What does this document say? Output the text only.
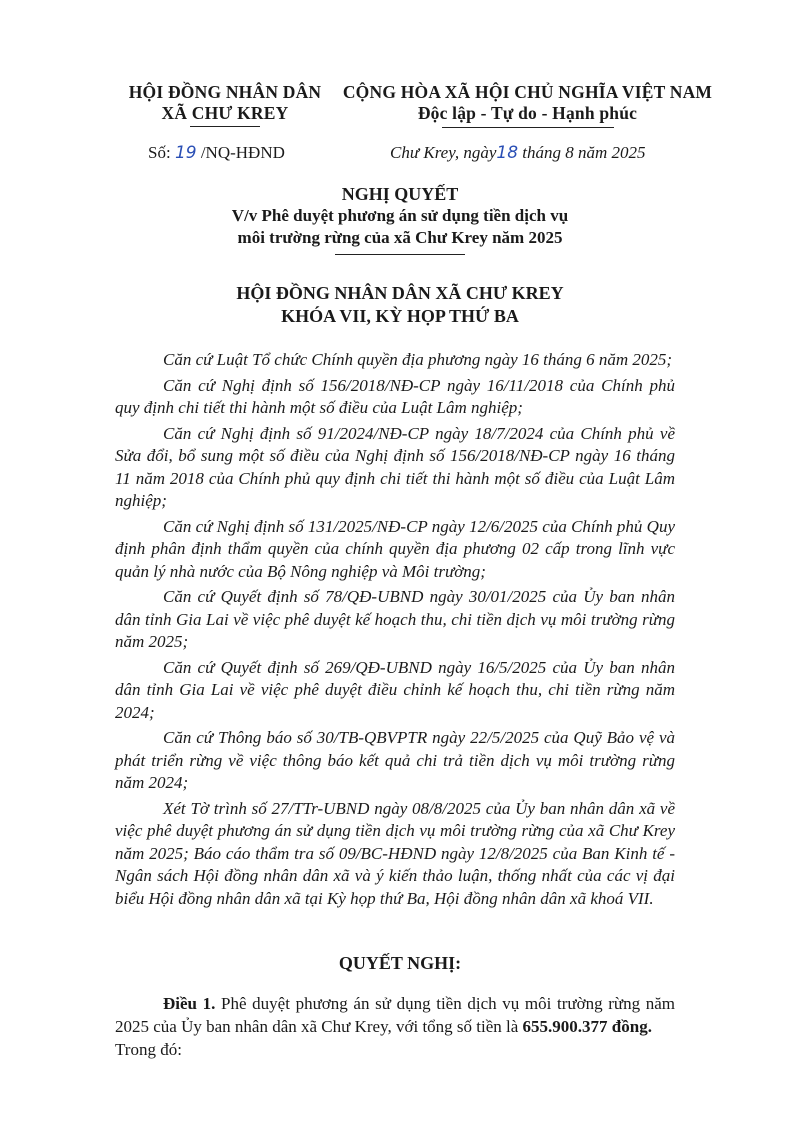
HỘI ĐỒNG NHÂN DÂN
XÃ CHƯ KREY
CỘNG HÒA XÃ HỘI CHỦ NGHĨA VIỆT NAM
Độc lập - Tự do - Hạnh phúc
Số: 19 /NQ-HĐND	Chư Krey, ngày18 tháng 8 năm 2025
NGHỊ QUYẾT
V/v Phê duyệt phương án sử dụng tiền dịch vụ
môi trường rừng của xã Chư Krey năm 2025
HỘI ĐỒNG NHÂN DÂN XÃ CHƯ KREY
KHÓA VII, KỲ HỌP THỨ BA

Căn cứ Luật Tổ chức Chính quyền địa phương ngày 16 tháng 6 năm 2025;

Căn cứ Nghị định số 156/2018/NĐ-CP ngày 16/11/2018 của Chính phủ quy định chi tiết thi hành một số điều của Luật Lâm nghiệp;

Căn cứ Nghị định số 91/2024/NĐ-CP ngày 18/7/2024 của Chính phủ về Sửa đổi, bổ sung một số điều của Nghị định số 156/2018/NĐ-CP ngày 16 tháng 11 năm 2018 của Chính phủ quy định chi tiết thi hành một số điều của Luật Lâm nghiệp;

Căn cứ Nghị định số 131/2025/NĐ-CP ngày 12/6/2025 của Chính phủ Quy định phân định thẩm quyền của chính quyền địa phương 02 cấp trong lĩnh vực quản lý nhà nước của Bộ Nông nghiệp và Môi trường;

Căn cứ Quyết định số 78/QĐ-UBND ngày 30/01/2025 của Ủy ban nhân dân tỉnh Gia Lai về việc phê duyệt kế hoạch thu, chi tiền dịch vụ môi trường rừng năm 2025;

Căn cứ Quyết định số 269/QĐ-UBND ngày 16/5/2025 của Ủy ban nhân dân tỉnh Gia Lai về việc phê duyệt điều chỉnh kế hoạch thu, chi tiền rừng năm 2024;

Căn cứ Thông báo số 30/TB-QBVPTR ngày 22/5/2025 của Quỹ Bảo vệ và phát triển rừng về việc thông báo kết quả chi trả tiền dịch vụ môi trường rừng năm 2024;

Xét Tờ trình số 27/TTr-UBND ngày 08/8/2025 của Ủy ban nhân dân xã về việc phê duyệt phương án sử dụng tiền dịch vụ môi trường rừng của xã Chư Krey năm 2025; Báo cáo thẩm tra số 09/BC-HĐND ngày 12/8/2025 của Ban Kinh tế - Ngân sách Hội đồng nhân dân xã và ý kiến thảo luận, thống nhất của các vị đại biểu Hội đồng nhân dân xã tại Kỳ họp thứ Ba, Hội đồng nhân dân xã khoá VII.

QUYẾT NGHỊ:

Điều 1. Phê duyệt phương án sử dụng tiền dịch vụ môi trường rừng năm 2025 của Ủy ban nhân dân xã Chư Krey, với tổng số tiền là 655.900.377 đồng.

Trong đó:
